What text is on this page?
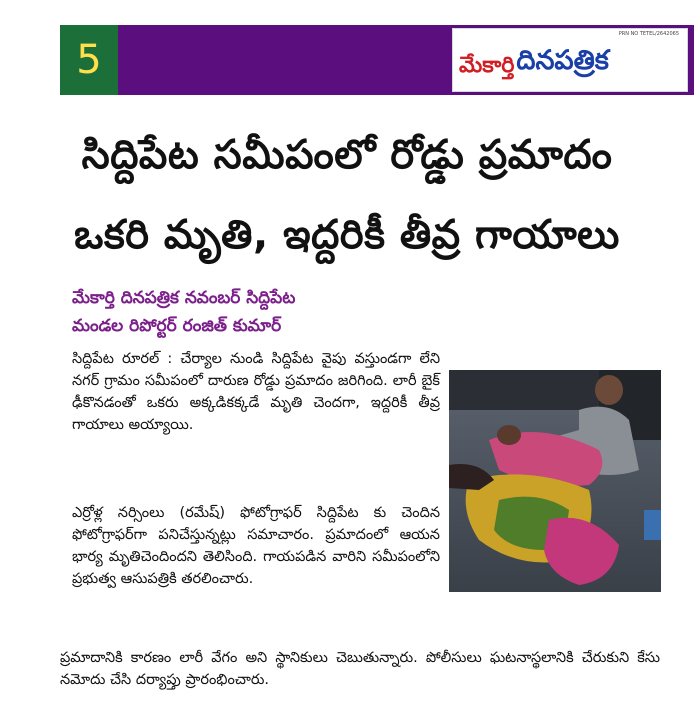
5
PRN NO TETEL/2642065
మేకార్తి దినపత్రిక
సిద్దిపేట సమీపంలో రోడ్డు ప్రమాదం
ఒకరి మృతి, ఇద్దరికీ తీవ్ర గాయాలు
మేకార్తి దినపత్రిక నవంబర్ సిద్దిపేట
మండల రిపోర్టర్ రంజిత్ కుమార్

సిద్దిపేట రూరల్ : చేర్యాల నుండి సిద్దిపేట వైపు వస్తుండగా లేని నగర్ గ్రామం సమీపంలో దారుణ రోడ్డు ప్రమాదం జరిగింది. లారీ బైక్ ఢీకొనడంతో ఒకరు అక్కడికక్కడే మృతి చెందగా, ఇద్దరికీ తీవ్ర గాయాలు అయ్యాయి.

ఎర్రోళ్ల నర్సింలు (రమేష్) ఫోటోగ్రాఫర్ సిద్దిపేట కు చెందిన ఫోటోగ్రాఫర్‌గా పనిచేస్తున్నట్లు సమాచారం. ప్రమాదంలో ఆయన భార్య మృతిచెందిందని తెలిసింది. గాయపడిన వారిని సమీపంలోని ప్రభుత్వ ఆసుపత్రికి తరలించారు.

ప్రమాదానికి కారణం లారీ వేగం అని స్థానికులు చెబుతున్నారు. పోలీసులు ఘటనాస్థలానికి చేరుకుని కేసు నమోదు చేసి దర్యాప్తు ప్రారంభించారు.
